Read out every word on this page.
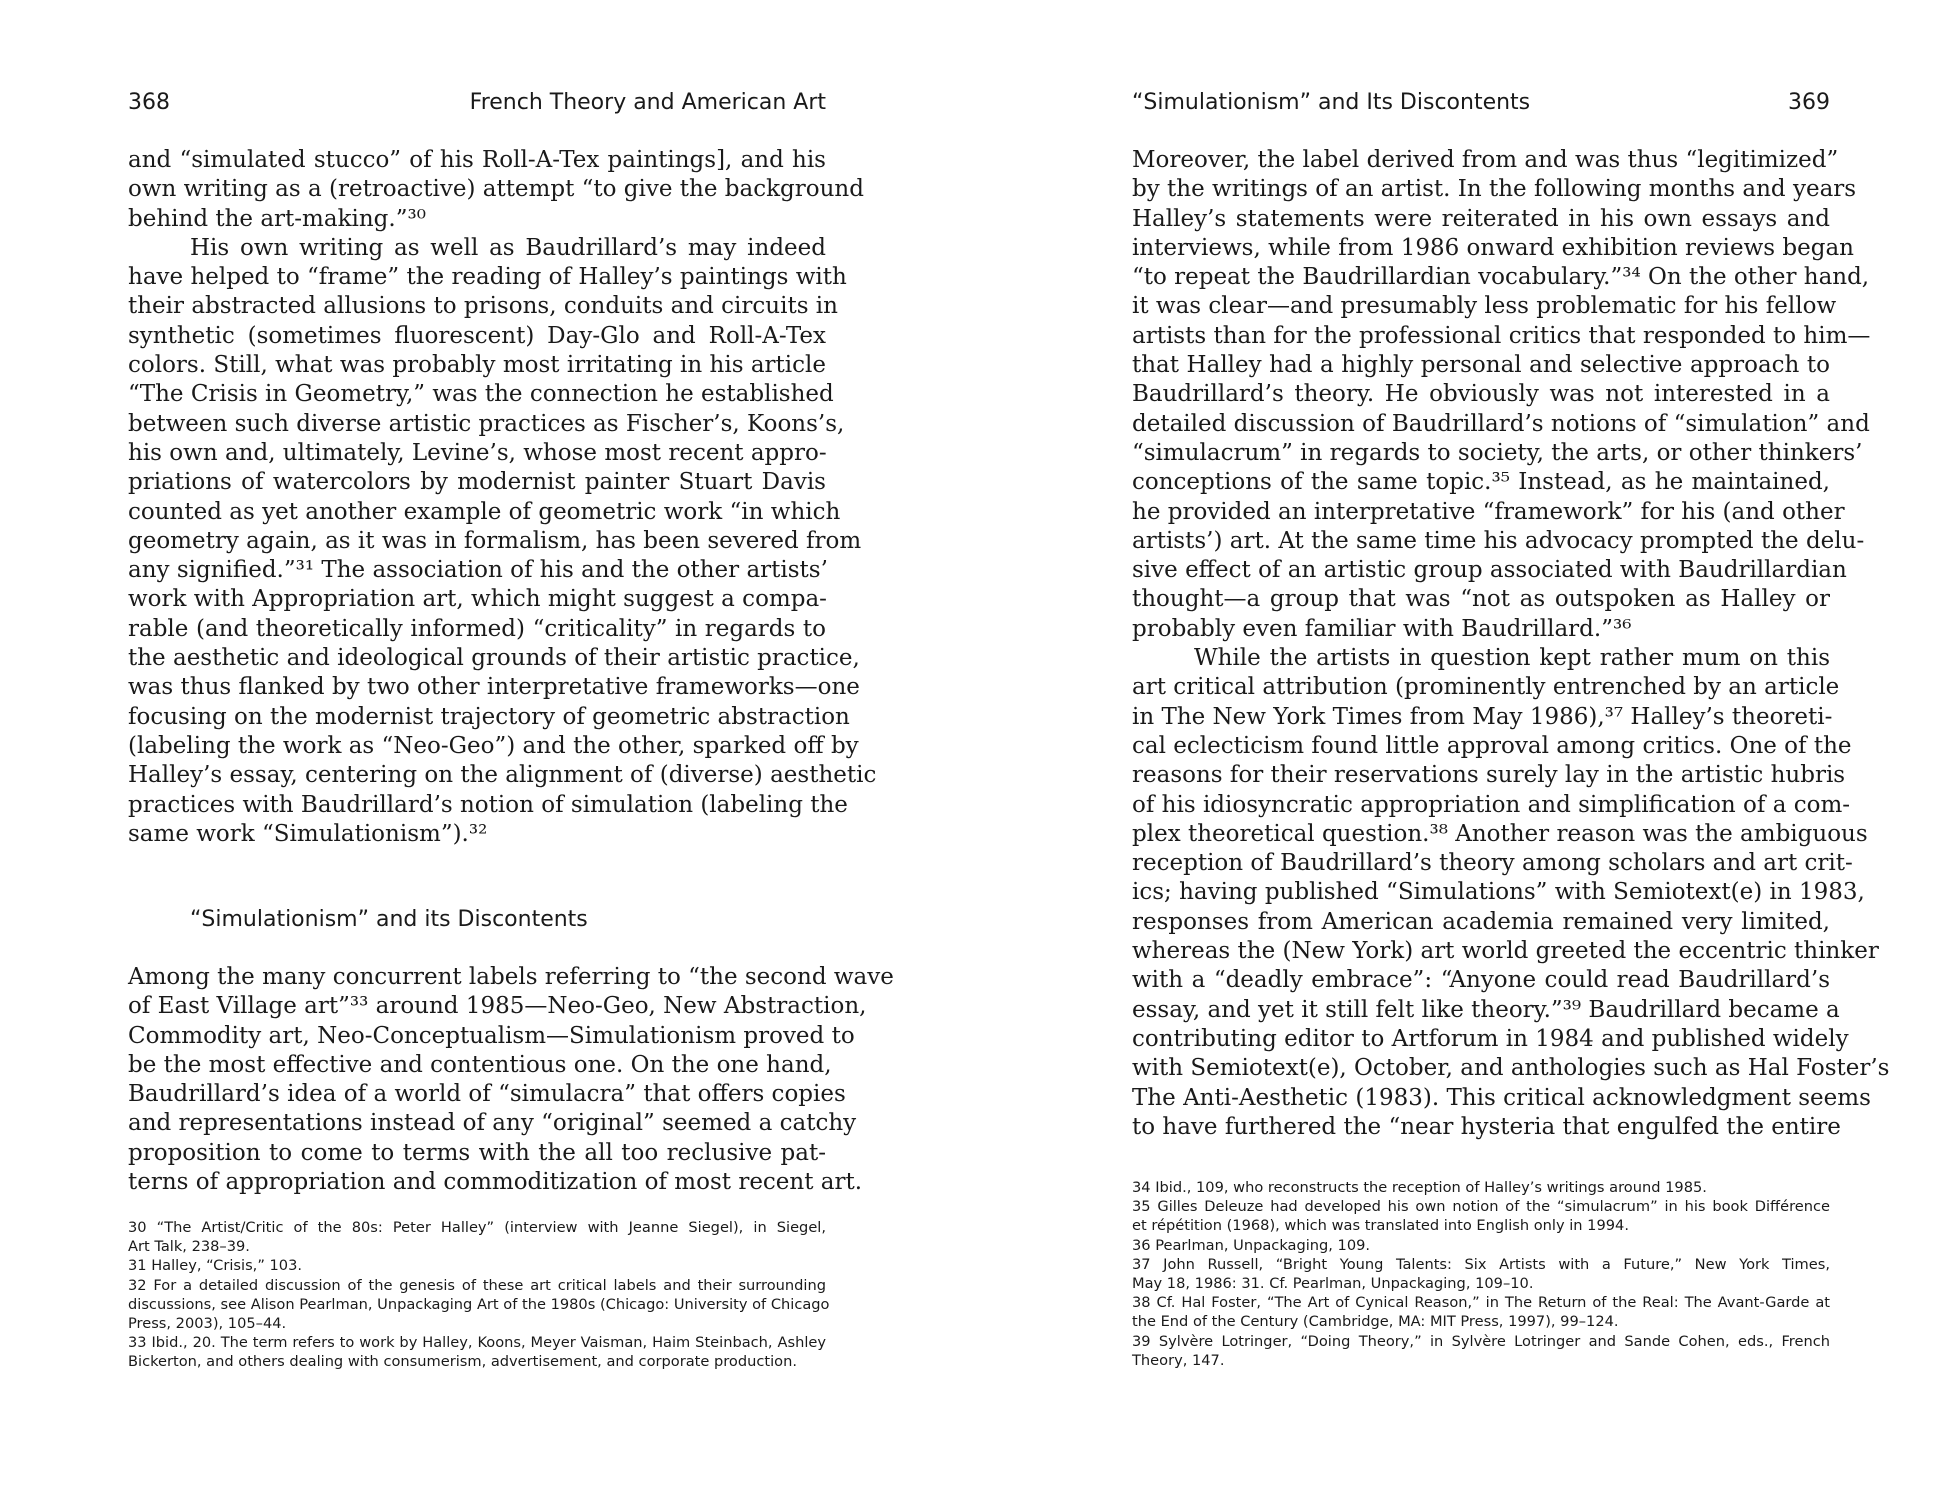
368	French Theory and American Art
and “simulated stucco” of his Roll-A-Tex paintings], and his
own writing as a (retroactive) attempt “to give the background
behind the art-making.”³⁰
His own writing as well as Baudrillard’s may indeed
have helped to “frame” the reading of Halley’s paintings with
their abstracted allusions to prisons, conduits and circuits in
synthetic (sometimes fluorescent) Day-Glo and Roll-A-Tex
colors. Still, what was probably most irritating in his article
“The Crisis in Geometry,” was the connection he established
between such diverse artistic practices as Fischer’s, Koons’s,
his own and, ultimately, Levine’s, whose most recent appro-
priations of watercolors by modernist painter Stuart Davis
counted as yet another example of geometric work “in which
geometry again, as it was in formalism, has been severed from
any signified.”³¹ The association of his and the other artists’
work with Appropriation art, which might suggest a compa-
rable (and theoretically informed) “criticality” in regards to
the aesthetic and ideological grounds of their artistic practice,
was thus flanked by two other interpretative frameworks—one
focusing on the modernist trajectory of geometric abstraction
(labeling the work as “Neo-Geo”) and the other, sparked off by
Halley’s essay, centering on the alignment of (diverse) aesthetic
practices with Baudrillard’s notion of simulation (labeling the
same work “Simulationism”).³²
“Simulationism” and its Discontents
Among the many concurrent labels referring to “the second wave
of East Village art”³³ around 1985—Neo-Geo, New Abstraction,
Commodity art, Neo-Conceptualism—Simulationism proved to
be the most effective and contentious one. On the one hand,
Baudrillard’s idea of a world of “simulacra” that offers copies
and representations instead of any “original” seemed a catchy
proposition to come to terms with the all too reclusive pat-
terns of appropriation and commoditization of most recent art.
30 “The Artist/Critic of the 80s: Peter Halley” (interview with Jeanne Siegel), in Siegel,
Art Talk, 238–39.
31 Halley, “Crisis,” 103.
32 For a detailed discussion of the genesis of these art critical labels and their surrounding
discussions, see Alison Pearlman, Unpackaging Art of the 1980s (Chicago: University of Chicago
Press, 2003), 105–44.
33 Ibid., 20. The term refers to work by Halley, Koons, Meyer Vaisman, Haim Steinbach, Ashley
Bickerton, and others dealing with consumerism, advertisement, and corporate production.
“Simulationism” and Its Discontents	369
Moreover, the label derived from and was thus “legitimized”
by the writings of an artist. In the following months and years
Halley’s statements were reiterated in his own essays and
interviews, while from 1986 onward exhibition reviews began
“to repeat the Baudrillardian vocabulary.”³⁴ On the other hand,
it was clear—and presumably less problematic for his fellow
artists than for the professional critics that responded to him—
that Halley had a highly personal and selective approach to
Baudrillard’s theory. He obviously was not interested in a
detailed discussion of Baudrillard’s notions of “simulation” and
“simulacrum” in regards to society, the arts, or other thinkers’
conceptions of the same topic.³⁵ Instead, as he maintained,
he provided an interpretative “framework” for his (and other
artists’) art. At the same time his advocacy prompted the delu-
sive effect of an artistic group associated with Baudrillardian
thought—a group that was “not as outspoken as Halley or
probably even familiar with Baudrillard.”³⁶
While the artists in question kept rather mum on this
art critical attribution (prominently entrenched by an article
in The New York Times from May 1986),³⁷ Halley’s theoreti-
cal eclecticism found little approval among critics. One of the
reasons for their reservations surely lay in the artistic hubris
of his idiosyncratic appropriation and simplification of a com-
plex theoretical question.³⁸ Another reason was the ambiguous
reception of Baudrillard’s theory among scholars and art crit-
ics; having published “Simulations” with Semiotext(e) in 1983,
responses from American academia remained very limited,
whereas the (New York) art world greeted the eccentric thinker
with a “deadly embrace”: “Anyone could read Baudrillard’s
essay, and yet it still felt like theory.”³⁹ Baudrillard became a
contributing editor to Artforum in 1984 and published widely
with Semiotext(e), October, and anthologies such as Hal Foster’s
The Anti-Aesthetic (1983). This critical acknowledgment seems
to have furthered the “near hysteria that engulfed the entire
34 Ibid., 109, who reconstructs the reception of Halley’s writings around 1985.
35 Gilles Deleuze had developed his own notion of the “simulacrum” in his book Différence
et répétition (1968), which was translated into English only in 1994.
36 Pearlman, Unpackaging, 109.
37 John Russell, “Bright Young Talents: Six Artists with a Future,” New York Times,
May 18, 1986: 31. Cf. Pearlman, Unpackaging, 109–10.
38 Cf. Hal Foster, “The Art of Cynical Reason,” in The Return of the Real: The Avant-Garde at
the End of the Century (Cambridge, MA: MIT Press, 1997), 99–124.
39 Sylvère Lotringer, “Doing Theory,” in Sylvère Lotringer and Sande Cohen, eds., French
Theory, 147.
